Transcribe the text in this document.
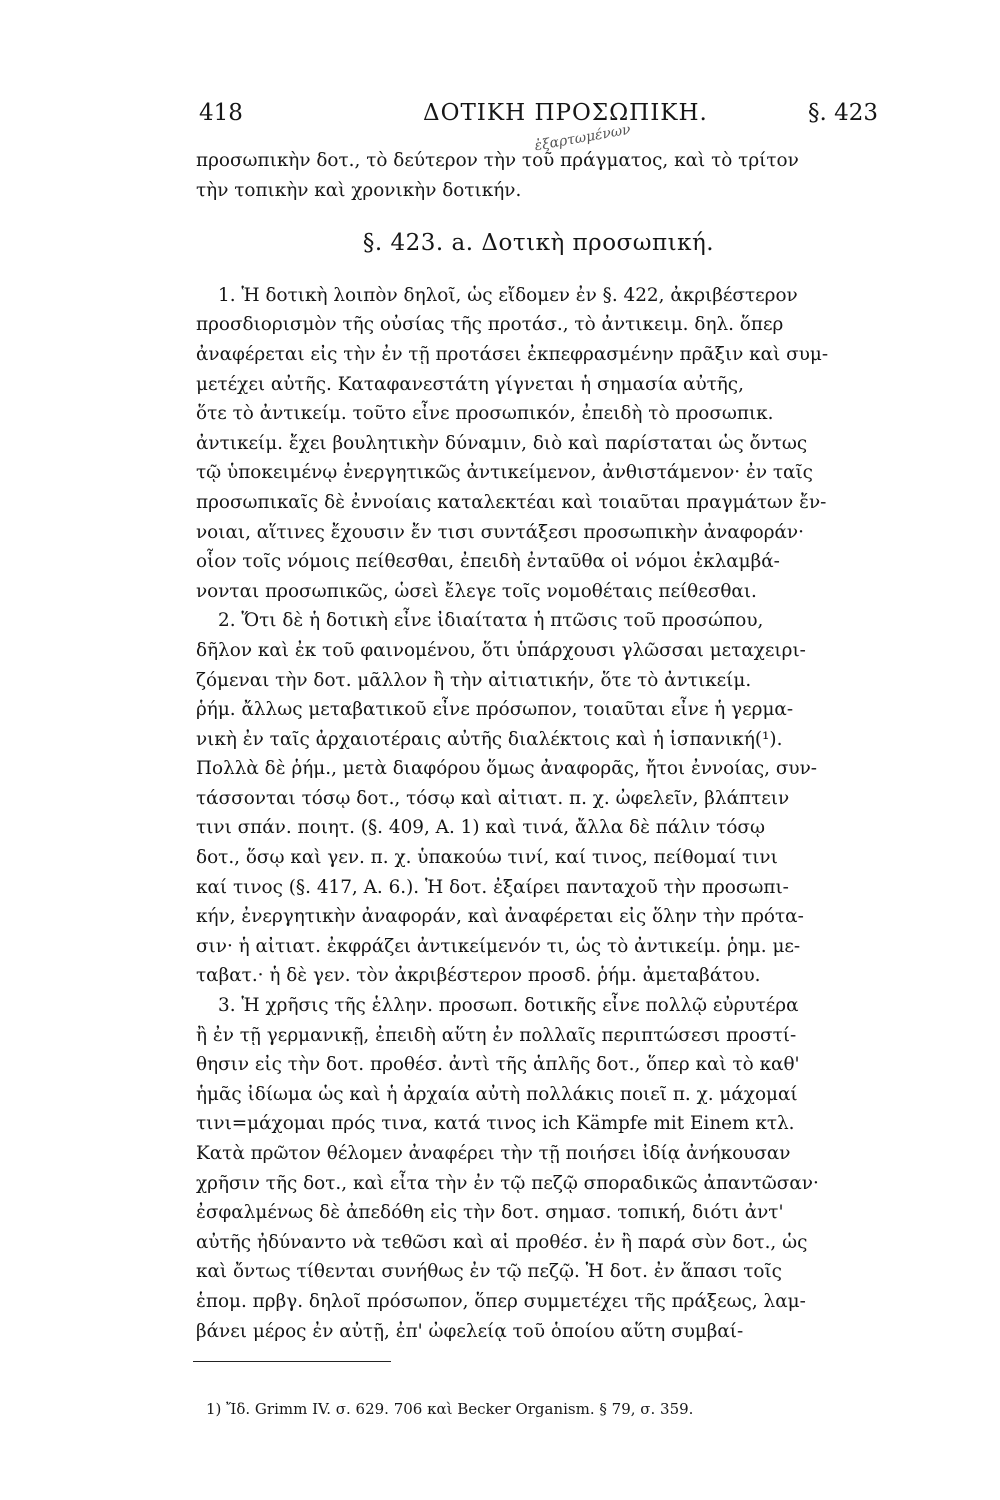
418	ΔΟΤΙΚΗ ΠΡΟΣΩΠΙΚΗ.	§. 423
ἐξαρτωμένων
προσωπικὴν δοτ., τὸ δεύτερον τὴν τοῦ πράγματος, καὶ τὸ τρίτον
τὴν τοπικὴν καὶ χρονικὴν δοτικήν.
§. 423. a. Δοτικὴ προσωπική.
1. Ἡ δοτικὴ λοιπὸν δηλοῖ, ὡς εἴδομεν ἐν §. 422, ἀκριβέστερον
προσδιορισμὸν τῆς οὐσίας τῆς προτάσ., τὸ ἀντικειμ. δηλ. ὅπερ
ἀναφέρεται εἰς τὴν ἐν τῇ προτάσει ἐκπεφρασμένην πρᾶξιν καὶ συμ-
μετέχει αὐτῆς. Καταφανεστάτη γίγνεται ἡ σημασία αὐτῆς,
ὅτε τὸ ἀντικείμ. τοῦτο εἶνε προσωπικόν, ἐπειδὴ τὸ προσωπικ.
ἀντικείμ. ἔχει βουλητικὴν δύναμιν, διὸ καὶ παρίσταται ὡς ὄντως
τῷ ὑποκειμένῳ ἐνεργητικῶς ἀντικείμενον, ἀνθιστάμενον· ἐν ταῖς
προσωπικαῖς δὲ ἐννοίαις καταλεκτέαι καὶ τοιαῦται πραγμάτων ἔν-
νοιαι, αἵτινες ἔχουσιν ἔν τισι συντάξεσι προσωπικὴν ἀναφοράν·
οἷον τοῖς νόμοις πείθεσθαι, ἐπειδὴ ἐνταῦθα οἱ νόμοι ἐκλαμβά-
νονται προσωπικῶς, ὡσεὶ ἔλεγε τοῖς νομοθέταις πείθεσθαι.
2. Ὅτι δὲ ἡ δοτικὴ εἶνε ἰδιαίτατα ἡ πτῶσις τοῦ προσώπου,
δῆλον καὶ ἐκ τοῦ φαινομένου, ὅτι ὑπάρχουσι γλῶσσαι μεταχειρι-
ζόμεναι τὴν δοτ. μᾶλλον ἢ τὴν αἰτιατικήν, ὅτε τὸ ἀντικείμ.
ῥήμ. ἄλλως μεταβατικοῦ εἶνε πρόσωπον, τοιαῦται εἶνε ἡ γερμα-
νικὴ ἐν ταῖς ἀρχαιοτέραις αὐτῆς διαλέκτοις καὶ ἡ ἱσπανική(¹).
Πολλὰ δὲ ῥήμ., μετὰ διαφόρου ὅμως ἀναφορᾶς, ἤτοι ἐννοίας, συν-
τάσσονται τόσῳ δοτ., τόσῳ καὶ αἰτιατ. π. χ. ὠφελεῖν, βλάπτειν
τινι σπάν. ποιητ. (§. 409, A. 1) καὶ τινά, ἄλλα δὲ πάλιν τόσῳ
δοτ., ὅσῳ καὶ γεν. π. χ. ὑπακούω τινί, καί τινος, πείθομαί τινι
καί τινος (§. 417, A. 6.). Ἡ δοτ. ἐξαίρει πανταχοῦ τὴν προσωπι-
κήν, ἐνεργητικὴν ἀναφοράν, καὶ ἀναφέρεται εἰς ὅλην τὴν πρότα-
σιν· ἡ αἰτιατ. ἐκφράζει ἀντικείμενόν τι, ὡς τὸ ἀντικείμ. ῥημ. με-
ταβατ.· ἡ δὲ γεν. τὸν ἀκριβέστερον προσδ. ῥήμ. ἀμεταβάτου.
3. Ἡ χρῆσις τῆς ἑλλην. προσωπ. δοτικῆς εἶνε πολλῷ εὐρυτέρα
ἢ ἐν τῇ γερμανικῇ, ἐπειδὴ αὕτη ἐν πολλαῖς περιπτώσεσι προστί-
θησιν εἰς τὴν δοτ. προθέσ. ἀντὶ τῆς ἁπλῆς δοτ., ὅπερ καὶ τὸ καθ'
ἡμᾶς ἰδίωμα ὡς καὶ ἡ ἀρχαία αὐτὴ πολλάκις ποιεῖ π. χ. μάχομαί
τινι=μάχομαι πρός τινα, κατά τινος ich Kämpfe mit Einem κτλ.
Κατὰ πρῶτον θέλομεν ἀναφέρει τὴν τῇ ποιήσει ἰδίᾳ ἀνήκουσαν
χρῆσιν τῆς δοτ., καὶ εἶτα τὴν ἐν τῷ πεζῷ σποραδικῶς ἀπαντῶσαν·
ἐσφαλμένως δὲ ἀπεδόθη εἰς τὴν δοτ. σημασ. τοπική, διότι ἀντ'
αὐτῆς ἠδύναντο νὰ τεθῶσι καὶ αἱ προθέσ. ἐν ἢ παρά σὺν δοτ., ὡς
καὶ ὄντως τίθενται συνήθως ἐν τῷ πεζῷ. Ἡ δοτ. ἐν ἅπασι τοῖς
ἑπομ. πρβγ. δηλοῖ πρόσωπον, ὅπερ συμμετέχει τῆς πράξεως, λαμ-
βάνει μέρος ἐν αὐτῇ, ἐπ' ὠφελείᾳ τοῦ ὁποίου αὕτη συμβαί-
1) Ἴδ. Grimm IV. σ. 629. 706 καὶ Becker Organism. § 79, σ. 359.
